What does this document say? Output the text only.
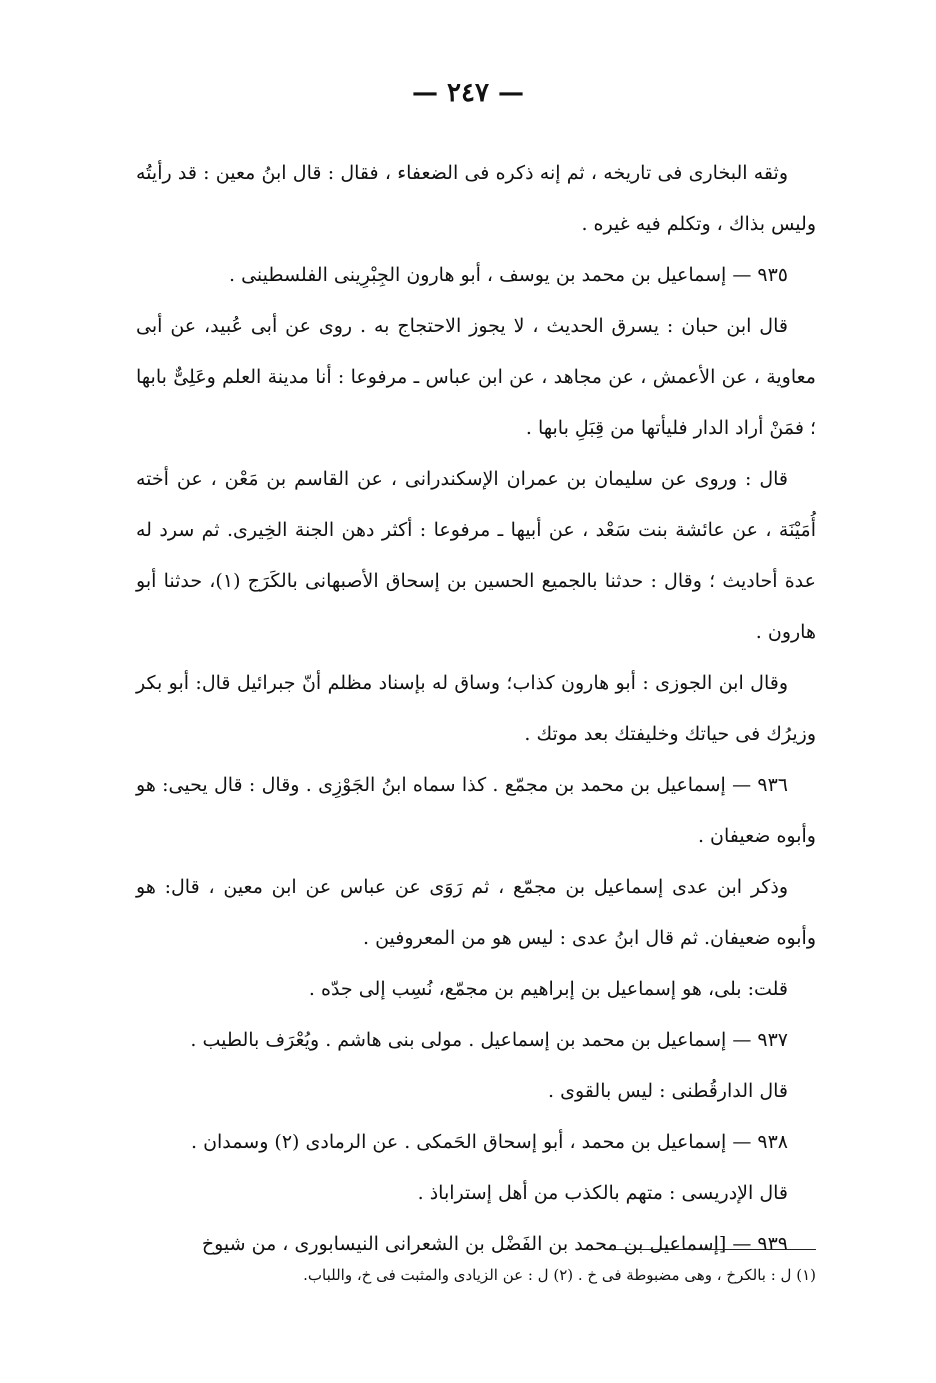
— ٢٤٧ —

وثقه البخارى فى تاريخه ، ثم إنه ذكره فى الضعفاء ، فقال : قال ابنُ معين : قد رأيتُه وليس بذاك ، وتكلم فيه غيره .

٩٣٥ — إسماعيل بن محمد بن يوسف ، أبو هارون الجِبْرِينى الفلسطينى .

قال ابن حبان : يسرق الحديث ، لا يجوز الاحتجاج به . روى عن أبى عُبيد، عن أبى معاوية ، عن الأعمش ، عن مجاهد ، عن ابن عباس ـ مرفوعا : أنا مدينة العلم وعَلِىٌّ بابها ؛ فمَنْ أراد الدار فليأتها من قِبَلِ بابها .

قال : وروى عن سليمان بن عمران الإسكندرانى ، عن القاسم بن مَعْن ، عن أخته أُمَيْنَة ، عن عائشة بنت سَعْد ، عن أبيها ـ مرفوعا : أكثر دهن الجنة الخِيرى. ثم سرد له عدة أحاديث ؛ وقال : حدثنا بالجميع الحسين بن إسحاق الأصبهانى بالكَرَج (١)، حدثنا أبو هارون .

وقال ابن الجوزى : أبو هارون كذاب؛ وساق له بإسناد مظلم أنّ جبرائيل قال: أبو بكر وزيرُك فى حياتك وخليفتك بعد موتك .

٩٣٦ — إسماعيل بن محمد بن مجمّع . كذا سماه ابنُ الجَوْزِى . وقال : قال يحيى: هو وأبوه ضعيفان .

وذكر ابن عدى إسماعيل بن مجمّع ، ثم رَوَى عن عباس عن ابن معين ، قال: هو وأبوه ضعيفان. ثم قال ابنُ عدى : ليس هو من المعروفين .

قلت: بلى، هو إسماعيل بن إبراهيم بن مجمّع، نُسِب إلى جدّه .

٩٣٧ — إسماعيل بن محمد بن إسماعيل . مولى بنى هاشم . ويُعْرَف بالطيب .

قال الدارقُطنى : ليس بالقوى .

٩٣٨ — إسماعيل بن محمد ، أبو إسحاق الحَمكى . عن الرمادى (٢) وسمدان .

قال الإدريسى : متهم بالكذب من أهل إستراباذ .

٩٣٩ — [إسماعيل بن محمد بن الفَضْل بن الشعرانى النيسابورى ، من شيوخ

(١) ل : بالكرخ ، وهى مضبوطة فى خ . (٢) ل : عن الزيادى والمثبت فى خ، واللباب.
